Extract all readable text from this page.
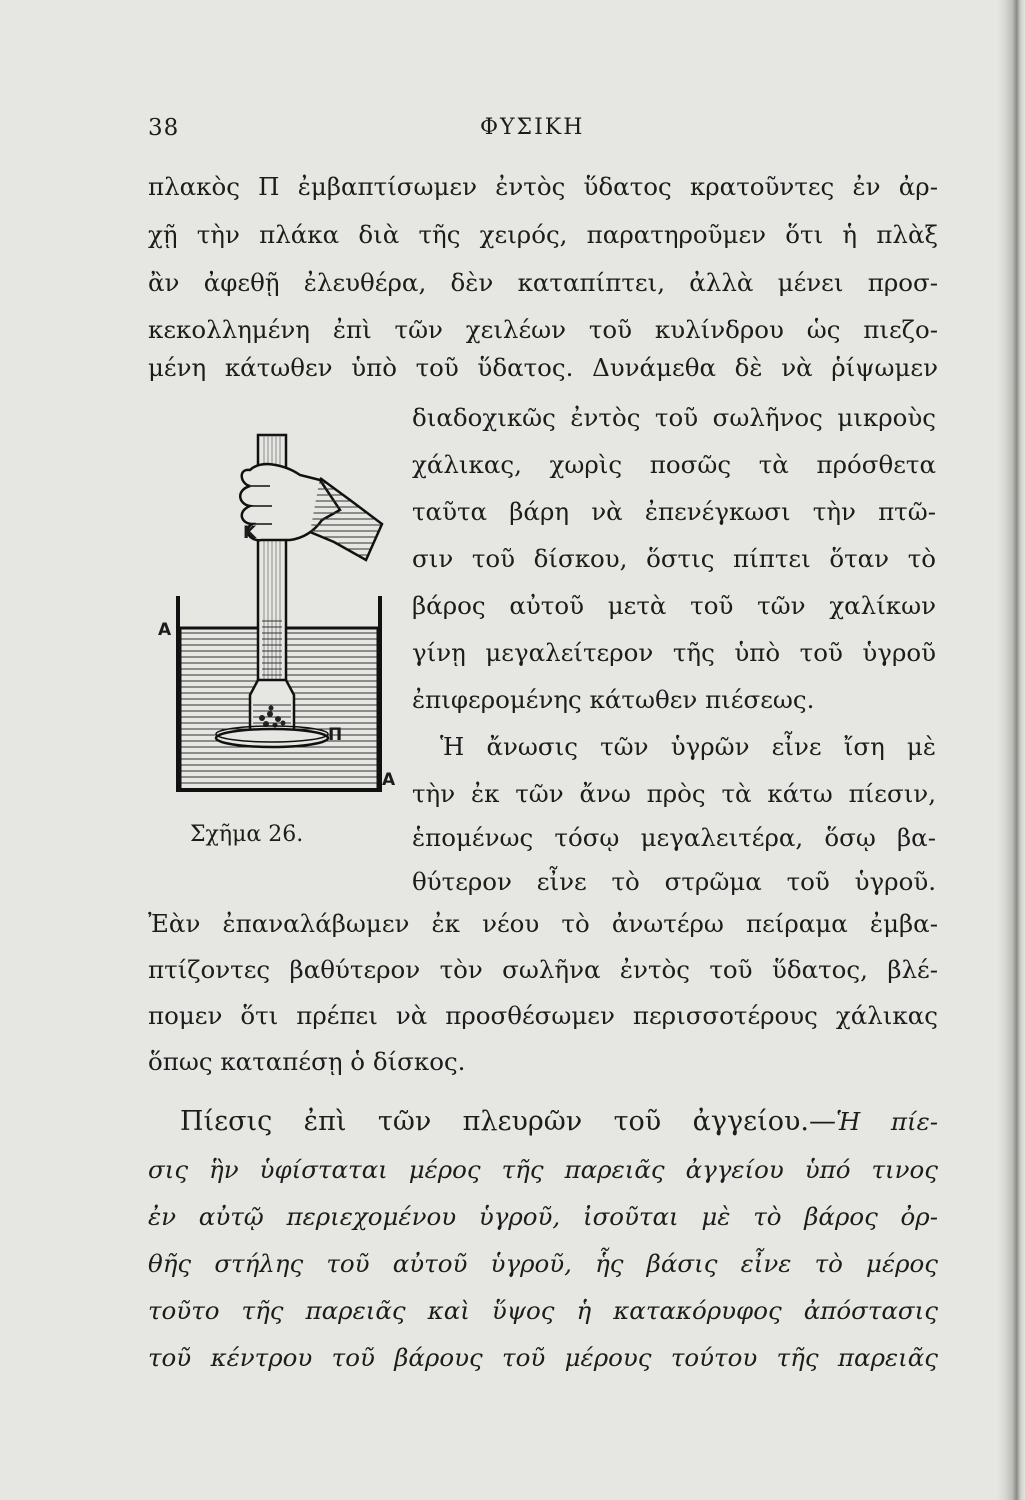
38	ΦΥΣΙΚΗ
πλακὸς Π ἐμβαπτίσωμεν ἐντὸς ὕδατος κρατοῦντες ἐν ἀρ-
χῇ τὴν πλάκα διὰ τῆς χειρός, παρατηροῦμεν ὅτι ἡ πλὰξ
ἂν ἀφεθῇ ἐλευθέρα, δὲν καταπίπτει, ἀλλὰ μένει προσ-
κεκολλημένη ἐπὶ τῶν χειλέων τοῦ κυλίνδρου ὡς πιεζο-
μένη κάτωθεν ὑπὸ τοῦ ὕδατος. Δυνάμεθα δὲ νὰ ῥίψωμεν
διαδοχικῶς ἐντὸς τοῦ σωλῆνος μικροὺς
χάλικας, χωρὶς ποσῶς τὰ πρόσθετα
ταῦτα βάρη νὰ ἐπενέγκωσι τὴν πτῶ-
σιν τοῦ δίσκου, ὅστις πίπτει ὅταν τὸ
βάρος αὐτοῦ μετὰ τοῦ τῶν χαλίκων
γίνῃ μεγαλείτερον τῆς ὑπὸ τοῦ ὑγροῦ
ἐπιφερομένης κάτωθεν πιέσεως.
Ἡ ἄνωσις τῶν ὑγρῶν εἶνε ἴση μὲ
τὴν ἐκ τῶν ἄνω πρὸς τὰ κάτω πίεσιν,
ἑπομένως τόσῳ μεγαλειτέρα, ὅσῳ βα-
θύτερον εἶνε τὸ στρῶμα τοῦ ὑγροῦ.
Κ
Α
Α
Π
Σχῆμα 26.
Ἐὰν ἐπαναλάβωμεν ἐκ νέου τὸ ἀνωτέρω πείραμα ἐμβα-
πτίζοντες βαθύτερον τὸν σωλῆνα ἐντὸς τοῦ ὕδατος, βλέ-
πομεν ὅτι πρέπει νὰ προσθέσωμεν περισσοτέρους χάλικας
ὅπως καταπέσῃ ὁ δίσκος.
Πίεσις ἐπὶ τῶν πλευρῶν τοῦ ἀγγείου.—Ἡ πίε-
σις ἣν ὑφίσταται μέρος τῆς παρειᾶς ἀγγείου ὑπό τινος
ἐν αὐτῷ περιεχομένου ὑγροῦ, ἰσοῦται μὲ τὸ βάρος ὀρ-
θῆς στήλης τοῦ αὐτοῦ ὑγροῦ, ἧς βάσις εἶνε τὸ μέρος
τοῦτο τῆς παρειᾶς καὶ ὕψος ἡ κατακόρυφος ἀπόστασις
τοῦ κέντρου τοῦ βάρους τοῦ μέρους τούτου τῆς παρειᾶς
